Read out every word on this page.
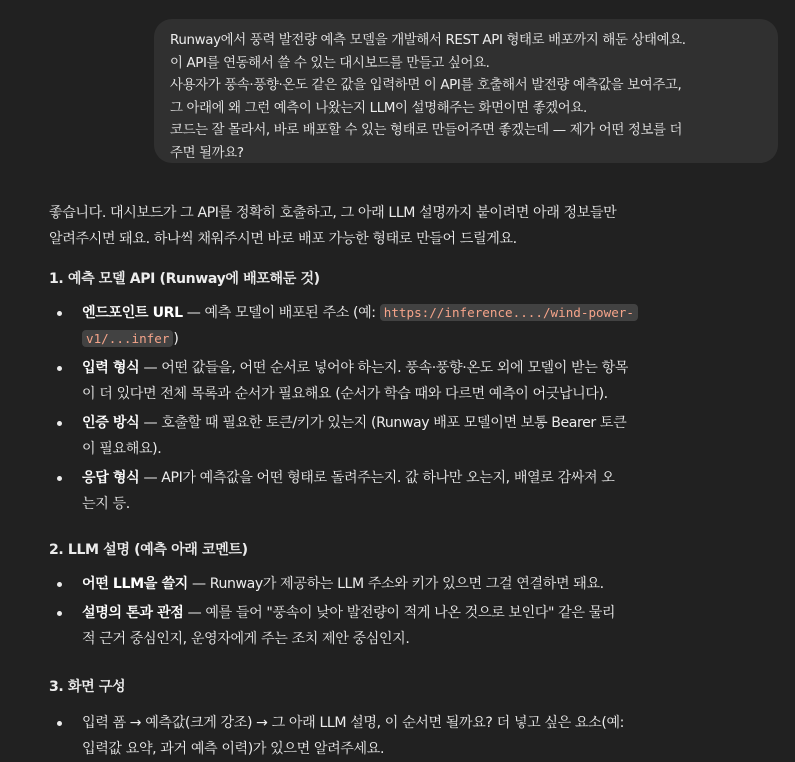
Runway에서 풍력 발전량 예측 모델을 개발해서 REST API 형태로 배포까지 해둔 상태예요.
이 API를 연동해서 쓸 수 있는 대시보드를 만들고 싶어요.
사용자가 풍속·풍향·온도 같은 값을 입력하면 이 API를 호출해서 발전량 예측값을 보여주고,
그 아래에 왜 그런 예측이 나왔는지 LLM이 설명해주는 화면이면 좋겠어요.
코드는 잘 몰라서, 바로 배포할 수 있는 형태로 만들어주면 좋겠는데 — 제가 어떤 정보를 더
주면 될까요?

좋습니다. 대시보드가 그 API를 정확히 호출하고, 그 아래 LLM 설명까지 붙이려면 아래 정보들만
알려주시면 돼요. 하나씩 채워주시면 바로 배포 가능한 형태로 만들어 드릴게요.

1. 예측 모델 API (Runway에 배포해둔 것)
엔드포인트 URL — 예측 모델이 배포된 주소 (예: https://inference..../wind-power-
v1/...infer )
입력 형식 — 어떤 값들을, 어떤 순서로 넣어야 하는지. 풍속·풍향·온도 외에 모델이 받는 항목
이 더 있다면 전체 목록과 순서가 필요해요 (순서가 학습 때와 다르면 예측이 어긋납니다).
인증 방식 — 호출할 때 필요한 토큰/키가 있는지 (Runway 배포 모델이면 보통 Bearer 토큰
이 필요해요).
응답 형식 — API가 예측값을 어떤 형태로 돌려주는지. 값 하나만 오는지, 배열로 감싸져 오
는지 등.
2. LLM 설명 (예측 아래 코멘트)
어떤 LLM을 쓸지 — Runway가 제공하는 LLM 주소와 키가 있으면 그걸 연결하면 돼요.
설명의 톤과 관점 — 예를 들어 "풍속이 낮아 발전량이 적게 나온 것으로 보인다" 같은 물리
적 근거 중심인지, 운영자에게 주는 조치 제안 중심인지.
3. 화면 구성
입력 폼 → 예측값(크게 강조) → 그 아래 LLM 설명, 이 순서면 될까요? 더 넣고 싶은 요소(예:
입력값 요약, 과거 예측 이력)가 있으면 알려주세요.
